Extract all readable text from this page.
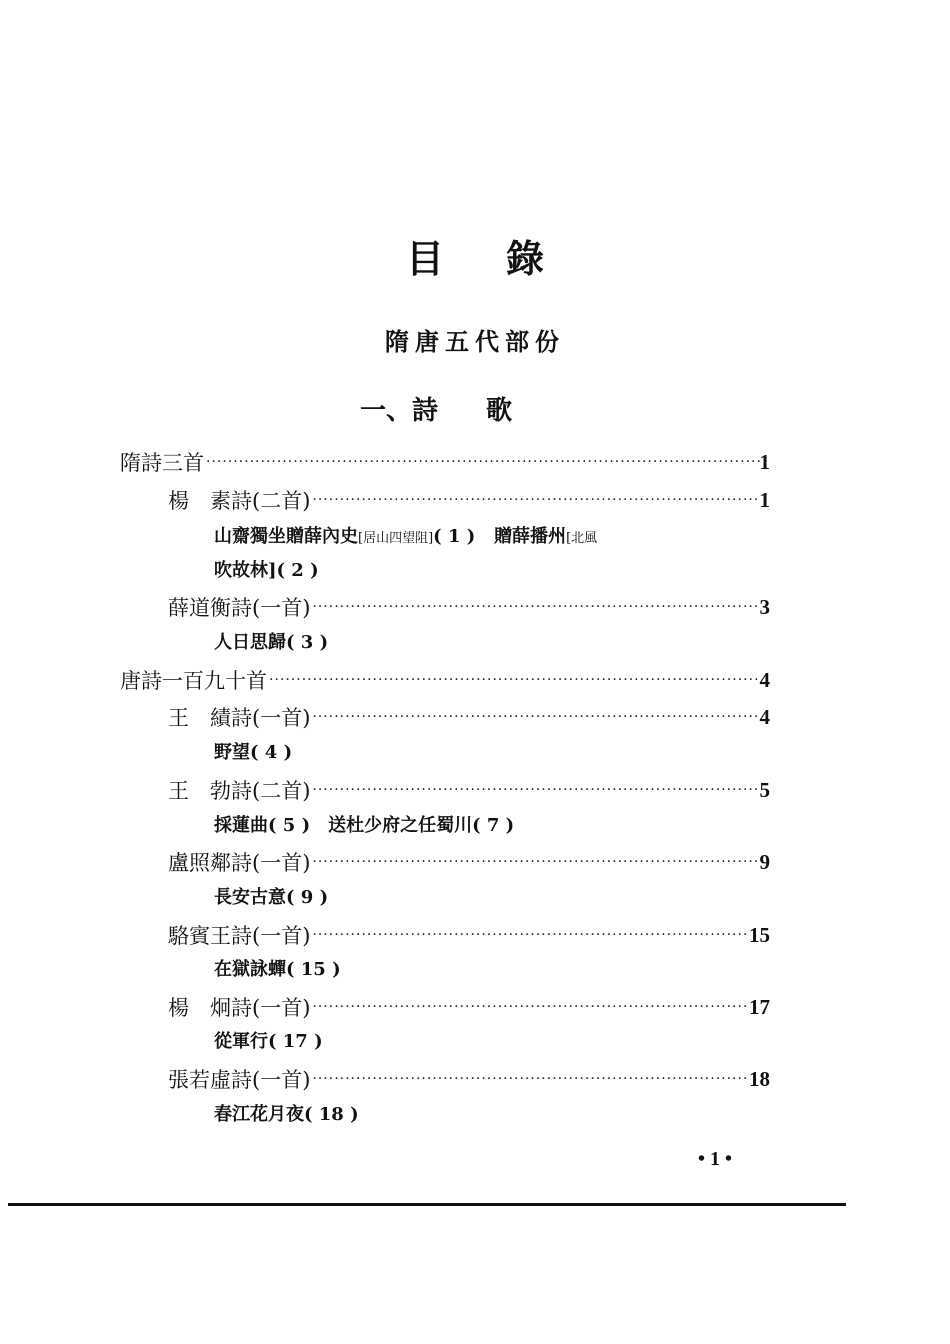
目 錄
隋唐五代部份
一、詩 歌
隋詩三首 ·····	1
楊　素詩(二首) ·····	1
山齋獨坐贈薛內史[居山四望阻]( 1 ) 贈薛播州[北風
吹故林]( 2 )
薛道衡詩(一首) ·····	3
人日思歸( 3 )
唐詩一百九十首 ·····	4
王　績詩(一首) ·····	4
野望( 4 )
王　勃詩(二首) ·····	5
採蓮曲( 5 )　送杜少府之任蜀川( 7 )
盧照鄰詩(一首) ·····	9
長安古意( 9 )
駱賓王詩(一首) ·····	15
在獄詠蟬( 15 )
楊　炯詩(一首) ·····	17
從軍行( 17 )
張若虛詩(一首) ·····	18
春江花月夜( 18 )
• 1 •
